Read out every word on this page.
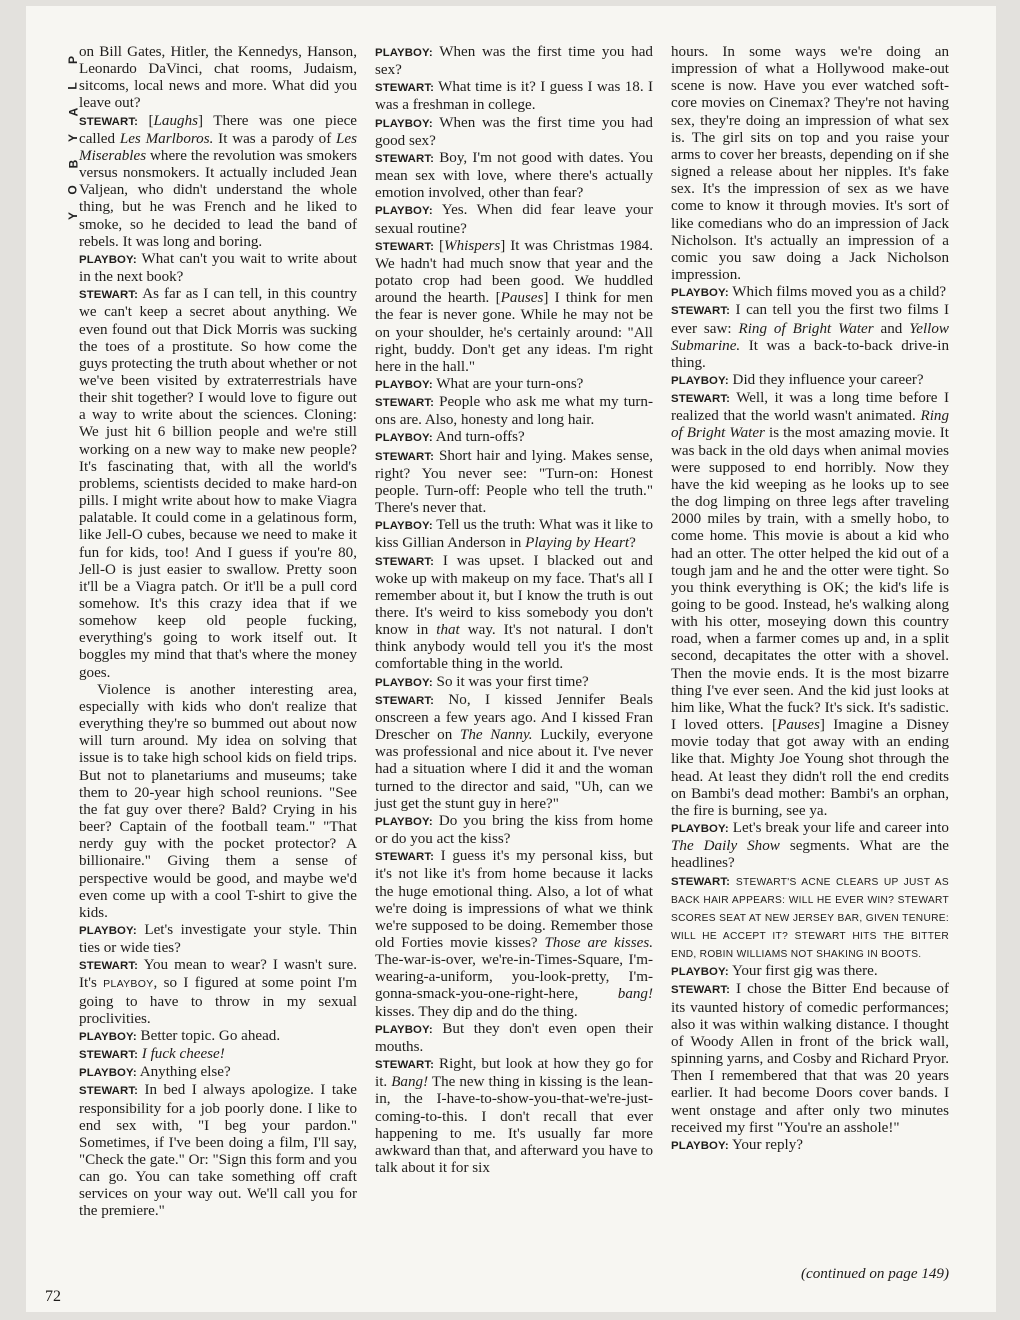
P
L
A
Y
B
O
Y

on Bill Gates, Hitler, the Kennedys, Hanson, Leonardo DaVinci, chat rooms, Judaism, sitcoms, local news and more. What did you leave out?

STEWART: [Laughs] There was one piece called Les Marlboros. It was a parody of Les Miserables where the revolution was smokers versus nonsmokers. It actually included Jean Valjean, who didn't understand the whole thing, but he was French and he liked to smoke, so he decided to lead the band of rebels. It was long and boring.

PLAYBOY: What can't you wait to write about in the next book?

STEWART: As far as I can tell, in this country we can't keep a secret about anything. We even found out that Dick Morris was sucking the toes of a prostitute. So how come the guys protecting the truth about whether or not we've been visited by extraterrestrials have their shit together? I would love to figure out a way to write about the sciences. Cloning: We just hit 6 billion people and we're still working on a new way to make new people? It's fascinating that, with all the world's problems, scientists decided to make hard-on pills. I might write about how to make Viagra palatable. It could come in a gelatinous form, like Jell-O cubes, because we need to make it fun for kids, too! And I guess if you're 80, Jell-O is just easier to swallow. Pretty soon it'll be a Viagra patch. Or it'll be a pull cord somehow. It's this crazy idea that if we somehow keep old people fucking, everything's going to work itself out. It boggles my mind that that's where the money goes.

Violence is another interesting area, especially with kids who don't realize that everything they're so bummed out about now will turn around. My idea on solving that issue is to take high school kids on field trips. But not to planetariums and museums; take them to 20-year high school reunions. "See the fat guy over there? Bald? Crying in his beer? Captain of the football team." "That nerdy guy with the pocket protector? A billionaire." Giving them a sense of perspective would be good, and maybe we'd even come up with a cool T-shirt to give the kids.

PLAYBOY: Let's investigate your style. Thin ties or wide ties?

STEWART: You mean to wear? I wasn't sure. It's PLAYBOY, so I figured at some point I'm going to have to throw in my sexual proclivities.

PLAYBOY: Better topic. Go ahead.

STEWART: I fuck cheese!

PLAYBOY: Anything else?

STEWART: In bed I always apologize. I take responsibility for a job poorly done. I like to end sex with, "I beg your pardon." Sometimes, if I've been doing a film, I'll say, "Check the gate." Or: "Sign this form and you can go. You can take something off craft services on your way out. We'll call you for the premiere."

PLAYBOY: When was the first time you had sex?

STEWART: What time is it? I guess I was 18. I was a freshman in college.

PLAYBOY: When was the first time you had good sex?

STEWART: Boy, I'm not good with dates. You mean sex with love, where there's actually emotion involved, other than fear?

PLAYBOY: Yes. When did fear leave your sexual routine?

STEWART: [Whispers] It was Christmas 1984. We hadn't had much snow that year and the potato crop had been good. We huddled around the hearth. [Pauses] I think for men the fear is never gone. While he may not be on your shoulder, he's certainly around: "All right, buddy. Don't get any ideas. I'm right here in the hall."

PLAYBOY: What are your turn-ons?

STEWART: People who ask me what my turn-ons are. Also, honesty and long hair.

PLAYBOY: And turn-offs?

STEWART: Short hair and lying. Makes sense, right? You never see: "Turn-on: Honest people. Turn-off: People who tell the truth." There's never that.

PLAYBOY: Tell us the truth: What was it like to kiss Gillian Anderson in Playing by Heart?

STEWART: I was upset. I blacked out and woke up with makeup on my face. That's all I remember about it, but I know the truth is out there. It's weird to kiss somebody you don't know in that way. It's not natural. I don't think anybody would tell you it's the most comfortable thing in the world.

PLAYBOY: So it was your first time?

STEWART: No, I kissed Jennifer Beals onscreen a few years ago. And I kissed Fran Drescher on The Nanny. Luckily, everyone was professional and nice about it. I've never had a situation where I did it and the woman turned to the director and said, "Uh, can we just get the stunt guy in here?"

PLAYBOY: Do you bring the kiss from home or do you act the kiss?

STEWART: I guess it's my personal kiss, but it's not like it's from home because it lacks the huge emotional thing. Also, a lot of what we're doing is impressions of what we think we're supposed to be doing. Remember those old Forties movie kisses? Those are kisses. The-war-is-over, we're-in-Times-Square, I'm-wearing-a-uniform, you-look-pretty, I'm-gonna-smack-you-one-right-here, bang! kisses. They dip and do the thing.

PLAYBOY: But they don't even open their mouths.

STEWART: Right, but look at how they go for it. Bang! The new thing in kissing is the lean-in, the I-have-to-show-you-that-we're-just-coming-to-this. I don't recall that ever happening to me. It's usually far more awkward than that, and afterward you have to talk about it for six

hours. In some ways we're doing an impression of what a Hollywood make-out scene is now. Have you ever watched soft-core movies on Cinemax? They're not having sex, they're doing an impression of what sex is. The girl sits on top and you raise your arms to cover her breasts, depending on if she signed a release about her nipples. It's fake sex. It's the impression of sex as we have come to know it through movies. It's sort of like comedians who do an impression of Jack Nicholson. It's actually an impression of a comic you saw doing a Jack Nicholson impression.

PLAYBOY: Which films moved you as a child?

STEWART: I can tell you the first two films I ever saw: Ring of Bright Water and Yellow Submarine. It was a back-to-back drive-in thing.

PLAYBOY: Did they influence your career?

STEWART: Well, it was a long time before I realized that the world wasn't animated. Ring of Bright Water is the most amazing movie. It was back in the old days when animal movies were supposed to end horribly. Now they have the kid weeping as he looks up to see the dog limping on three legs after traveling 2000 miles by train, with a smelly hobo, to come home. This movie is about a kid who had an otter. The otter helped the kid out of a tough jam and he and the otter were tight. So you think everything is OK; the kid's life is going to be good. Instead, he's walking along with his otter, moseying down this country road, when a farmer comes up and, in a split second, decapitates the otter with a shovel. Then the movie ends. It is the most bizarre thing I've ever seen. And the kid just looks at him like, What the fuck? It's sick. It's sadistic. I loved otters. [Pauses] Imagine a Disney movie today that got away with an ending like that. Mighty Joe Young shot through the head. At least they didn't roll the end credits on Bambi's dead mother: Bambi's an orphan, the fire is burning, see ya.

PLAYBOY: Let's break your life and career into The Daily Show segments. What are the headlines?

STEWART: STEWART'S ACNE CLEARS UP JUST AS BACK HAIR APPEARS: WILL HE EVER WIN? STEWART SCORES SEAT AT NEW JERSEY BAR, GIVEN TENURE: WILL HE ACCEPT IT? STEWART HITS THE BITTER END, ROBIN WILLIAMS NOT SHAKING IN BOOTS.

PLAYBOY: Your first gig was there.

STEWART: I chose the Bitter End because of its vaunted history of comedic performances; also it was within walking distance. I thought of Woody Allen in front of the brick wall, spinning yarns, and Cosby and Richard Pryor. Then I remembered that that was 20 years earlier. It had become Doors cover bands. I went onstage and after only two minutes received my first "You're an asshole!"

PLAYBOY: Your reply?

(continued on page 149)

72
